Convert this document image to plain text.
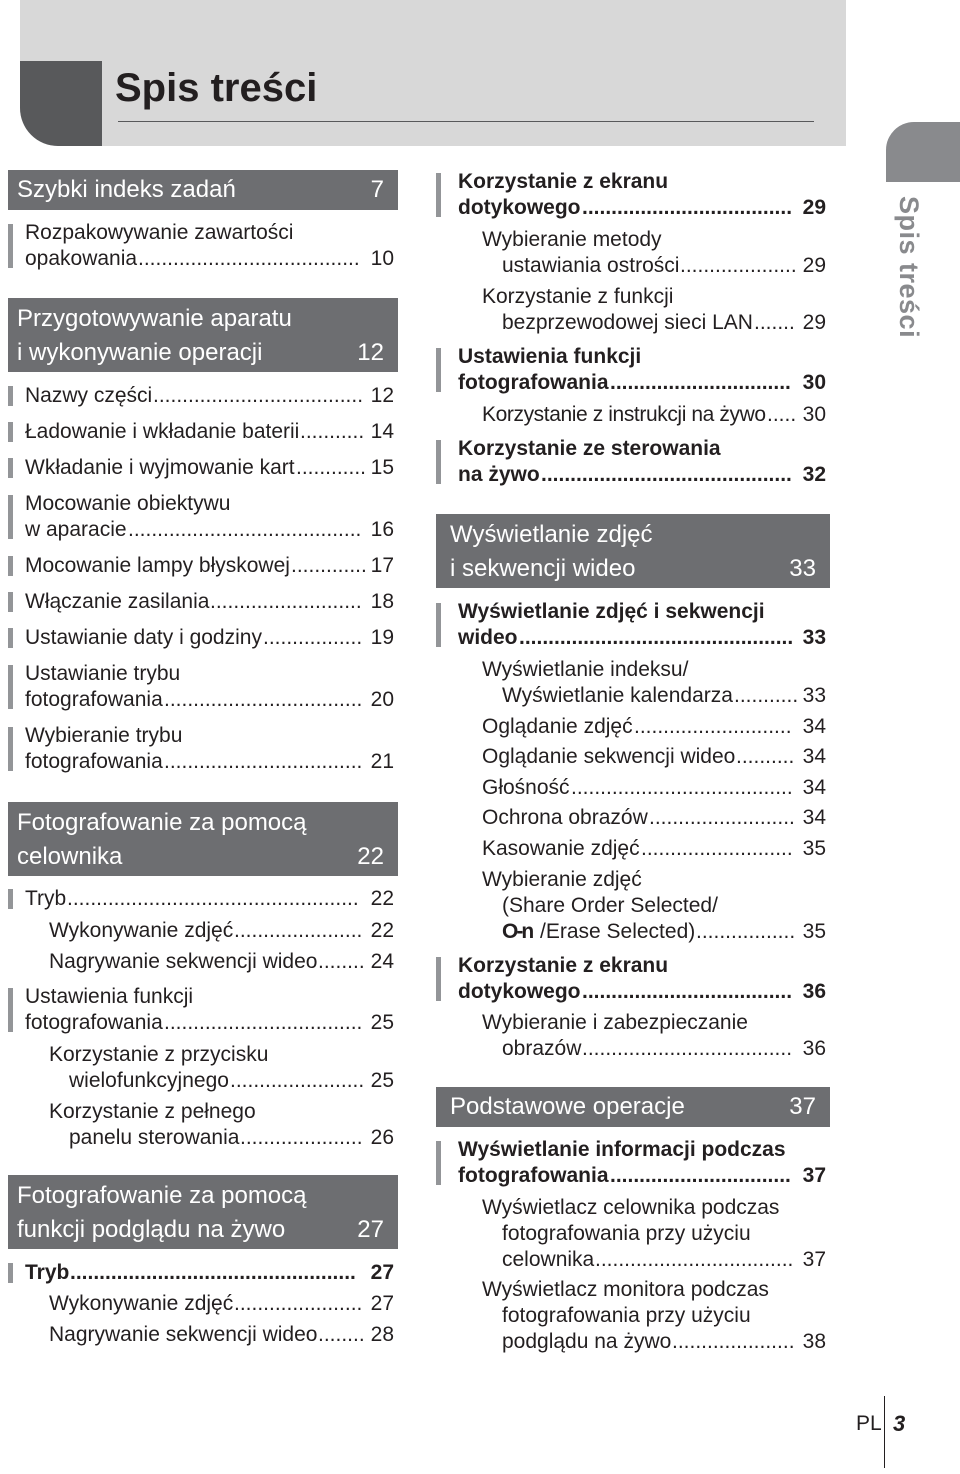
Spis treści
Spis treści
Szybki indeks zadań	7
Rozpakowywanie zawartości
opakowania ...................................... 10
Przygotowywanie aparatu
i wykonywanie operacji	12
Nazwy części .................................... 12
Ładowanie i wkładanie baterii ........... 14
Wkładanie i wyjmowanie kart ............ 15
Mocowanie obiektywu
w aparacie ........................................ 16
Mocowanie lampy błyskowej ............. 17
Włączanie zasilania .......................... 18
Ustawianie daty i godziny ................. 19
Ustawianie trybu
fotografowania .................................. 20
Wybieranie trybu
fotografowania .................................. 21
Fotografowanie za pomocą
celownika	22
Tryb .................................................. 22
Wykonywanie zdjęć ...................... 22
Nagrywanie sekwencji wideo ........ 24
Ustawienia funkcji
fotografowania .................................. 25
Korzystanie z przycisku
wielofunkcyjnego ....................... 25
Korzystanie z pełnego
panelu sterowania ..................... 26
Fotografowanie za pomocą
funkcji podglądu na żywo	27
Tryb ................................................. 27
Wykonywanie zdjęć ...................... 27
Nagrywanie sekwencji wideo ........ 28
Korzystanie z ekranu
dotykowego .................................... 29
Wybieranie metody
ustawiania ostrości .................... 29
Korzystanie z funkcji
bezprzewodowej sieci LAN ....... 29
Ustawienia funkcji
fotografowania ............................... 30
Korzystanie z instrukcji na żywo ..... 30
Korzystanie ze sterowania
na żywo ........................................... 32
Wyświetlanie zdjęć
i sekwencji wideo	33
Wyświetlanie zdjęć i sekwencji
wideo ............................................... 33
Wyświetlanie indeksu/
Wyświetlanie kalendarza ........... 33
Oglądanie zdjęć ........................... 34
Oglądanie sekwencji wideo .......... 34
Głośność ...................................... 34
Ochrona obrazów ......................... 34
Kasowanie zdjęć .......................... 35
Wybieranie zdjęć
(Share Order Selected/
O-n /Erase Selected) ................. 35
Korzystanie z ekranu
dotykowego .................................... 36
Wybieranie i zabezpieczanie
obrazów .................................... 36
Podstawowe operacje	37
Wyświetlanie informacji podczas
fotografowania ............................... 37
Wyświetlacz celownika podczas
fotografowania przy użyciu
celownika .................................. 37
Wyświetlacz monitora podczas
fotografowania przy użyciu
podglądu na żywo ..................... 38
PL 3
